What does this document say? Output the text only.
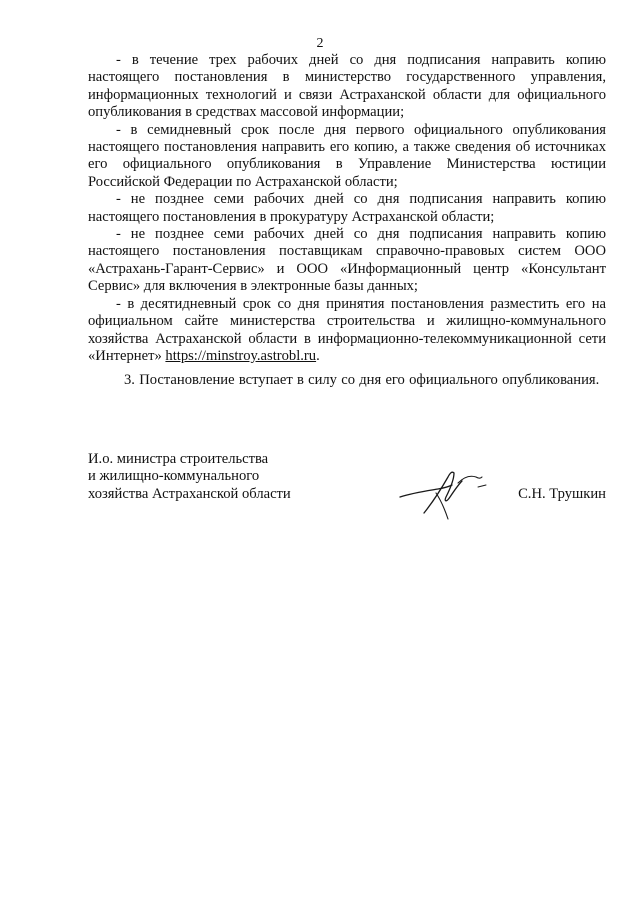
2

- в течение трех рабочих дней со дня подписания направить копию настоящего постановления в министерство государственного управления, информационных технологий и связи Астраханской области для официального опубликования в средствах массовой информации;

- в семидневный срок после дня первого официального опубликования настоящего постановления направить его копию, а также сведения об источниках его официального опубликования в Управление Министерства юстиции Российской Федерации по Астраханской области;

- не позднее семи рабочих дней со дня подписания направить копию настоящего постановления в прокуратуру Астраханской области;

- не позднее семи рабочих дней со дня подписания направить копию настоящего постановления поставщикам справочно-правовых систем ООО «Астрахань-Гарант-Сервис» и ООО «Информационный центр «Консультант Сервис» для включения в электронные базы данных;

- в десятидневный срок со дня принятия постановления разместить его на официальном сайте министерства строительства и жилищно-коммунального хозяйства Астраханской области в информационно-телекоммуникационной сети «Интернет» https://minstroy.astrobl.ru.

3. Постановление вступает в силу со дня его официального опубликования.

И.о. министра строительства
и жилищно-коммунального
хозяйства Астраханской области	С.Н. Трушкин
